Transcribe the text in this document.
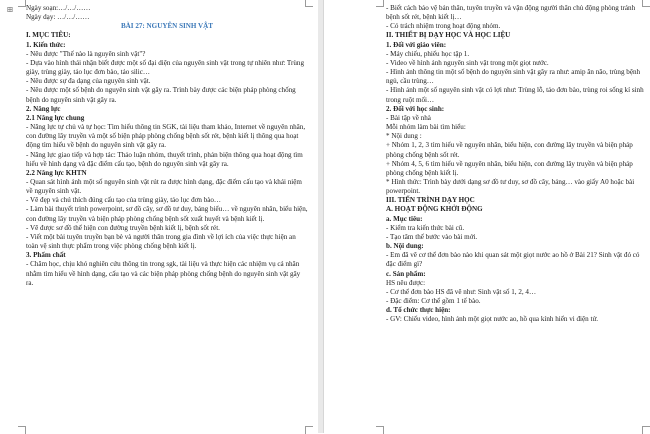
⊞ Ngày soạn:…/…/……

Ngày dạy: …/…/……

BÀI 27: NGUYÊN SINH VẬT

I. MỤC TIÊU:

1. Kiến thức:

- Nêu được "Thế nào là nguyên sinh vật"?

- Dựa vào hình thái nhận biết được một số đại diện của nguyên sinh vật trong tự nhiên như: Trùng giày, trùng giày, tảo lục đơn bào, tảo silic…

- Nêu được sự đa dạng của nguyên sinh vật.

- Nêu được một số bệnh do nguyên sinh vật gây ra. Trình bày được các biện pháp phòng chống bệnh do nguyên sinh vật gây ra.

2. Năng lực

2.1 Năng lực chung

- Năng lực tự chủ và tự học: Tìm hiểu thông tin SGK, tài liệu tham khảo, Internet về nguyên nhân, con đường lây truyền và một số biện pháp phòng chống bệnh sốt rét, bệnh kiết lị thông qua hoạt động tìm hiểu về bệnh do nguyên sinh vật gây ra.

- Năng lực giao tiếp và hợp tác: Thảo luận nhóm, thuyết trình, phản biện thông qua hoạt động tìm hiểu về hình dạng và đặc điểm cấu tạo, bệnh do nguyên sinh vật gây ra.

2.2 Năng lực KHTN

- Quan sát hình ảnh một số nguyên sinh vật rút ra được hình dạng, đặc điểm cấu tạo và khái niệm về nguyên sinh vật.

- Vẽ đẹp và chú thích đúng cấu tạo của trùng giày, tảo lục đơn bào…

- Làm bài thuyết trình powerpoint, sơ đồ cây, sơ đồ tư duy, bảng biểu… về nguyên nhân, biểu hiện, con đường lây truyền và biện pháp phòng chống bệnh sốt xuất huyết và bệnh kiết lị.

- Vẽ được sơ đồ thể hiện con đường truyền bệnh kiết lị, bệnh sốt rét.

- Viết một bài tuyên truyền bạn bè và người thân trong gia đình về lợi ích của việc thực hiện an toàn vệ sinh thực phẩm trong việc phòng chống bệnh kiết lị.

3. Phẩm chất

- Chăm học, chịu khó nghiên cứu thông tin trong sgk, tài liệu và thực hiện các nhiệm vụ cá nhân nhằm tìm hiểu về hình dạng, cấu tạo và các biện pháp phòng chống bệnh do nguyên sinh vật gây ra.

- Biết cách bảo vệ bản thân, tuyên truyền và vận động người thân chủ động phòng tránh bệnh sốt rét, bệnh kiết lị…

- Có trách nhiệm trong hoạt động nhóm.

II. THIẾT BỊ DẠY HỌC VÀ HỌC LIỆU

1. Đối với giáo viên:

- Máy chiếu, phiếu học tập 1.

- Video về hình ảnh nguyên sinh vật trong một giọt nước.

- Hình ảnh thông tin một số bệnh do nguyên sinh vật gây ra như: amip ăn não, trùng bệnh ngủ, cầu trùng…

- Hình ảnh một số nguyên sinh vật có lợi như: Trùng lỗ, tảo đơn bào, trùng roi sống kí sinh trong ruột mối…

2. Đối với học sinh:

- Bài tập về nhà

Mỗi nhóm làm bài tìm hiểu:

* Nội dung :

+ Nhóm 1, 2, 3 tìm hiểu về nguyên nhân, biểu hiện, con đường lây truyền và biện pháp phòng chống bệnh sốt rét.

+ Nhóm 4, 5, 6 tìm hiểu về nguyên nhân, biểu hiện, con đường lây truyền và biện pháp phòng chống bệnh kiết lị.

* Hình thức: Trình bày dưới dạng sơ đồ tư duy, sơ đồ cây, bảng… vào giấy A0 hoặc bài powerpoint.

III. TIẾN TRÌNH DẠY HỌC

A. HOẠT ĐỘNG KHỞI ĐỘNG

a. Mục tiêu:

- Kiểm tra kiến thức bài cũ.

- Tạo tâm thế bước vào bài mới.

b. Nội dung:

- Em đã vẽ cơ thể đơn bào nào khi quan sát một giọt nước ao hồ ở Bài 21? Sinh vật đó có đặc điểm gì?

c. Sản phẩm:

HS nêu được:

- Cơ thể đơn bào HS đã vẽ như: Sinh vật số 1, 2, 4…

- Đặc điểm: Cơ thể gồm 1 tế bào.

d. Tổ chức thực hiện:

- GV: Chiếu video, hình ảnh một giọt nước ao, hồ qua kính hiển vi điện tử.
